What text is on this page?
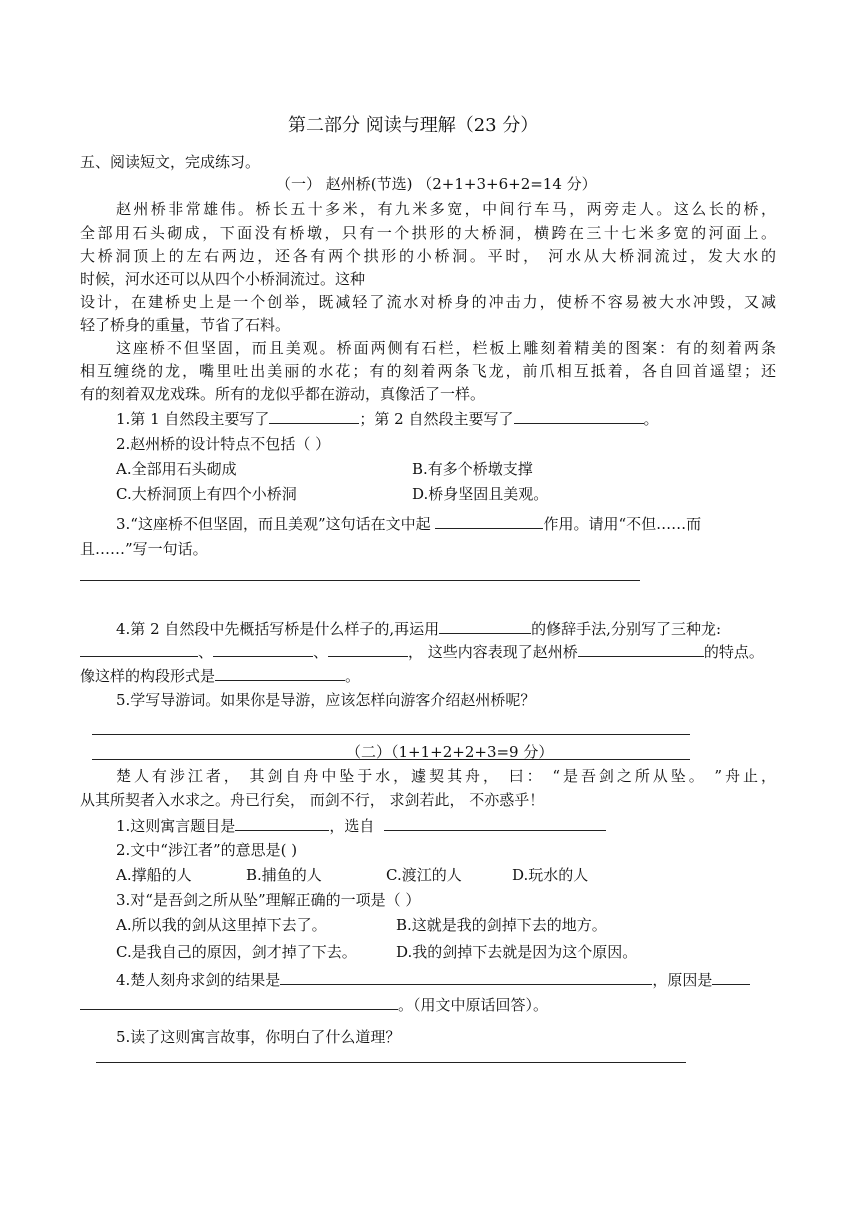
第二部分 阅读与理解（23 分）
五、阅读短文，完成练习。
（一） 赵州桥(节选) （2+1+3+6+2=14 分）
赵州桥非常雄伟。桥长五十多米，有九米多宽，中间行车马，两旁走人。这么长的桥，
全部用石头砌成，下面没有桥墩，只有一个拱形的大桥洞，横跨在三十七米多宽的河面上。
大桥洞顶上的左右两边，还各有两个拱形的小桥洞。平时， 河水从大桥洞流过，发大水的
时候，河水还可以从四个小桥洞流过。这种
设计，在建桥史上是一个创举，既减轻了流水对桥身的冲击力，使桥不容易被大水冲毁，又减
轻了桥身的重量，节省了石料。
这座桥不但坚固，而且美观。桥面两侧有石栏，栏板上雕刻着精美的图案：有的刻着两条
相互缠绕的龙，嘴里吐出美丽的水花；有的刻着两条飞龙，前爪相互抵着，各自回首遥望；还
有的刻着双龙戏珠。所有的龙似乎都在游动，真像活了一样。
1.第 1 自然段主要写了	；第 2 自然段主要写了	。
2.赵州桥的设计特点不包括（ ）
A.全部用石头砌成	B.有多个桥墩支撑
C.大桥洞顶上有四个小桥洞	D.桥身坚固且美观。
3.“这座桥不但坚固，而且美观”这句话在文中起	作用。请用“不但……而
且……”写一句话。
4.第 2 自然段中先概括写桥是什么样子的,再运用	的修辞手法,分别写了三种龙:
、	、	， 这些内容表现了赵州桥	的特点。
像这样的构段形式是	。
5.学写导游词。如果你是导游，应该怎样向游客介绍赵州桥呢？
（二）（1+1+2+2+3=9 分）
楚人有涉江者， 其剑自舟中坠于水，遽契其舟， 曰： “是吾剑之所从坠。 ”舟止，
从其所契者入水求之。舟已行矣， 而剑不行， 求剑若此， 不亦惑乎！
1.这则寓言题目是	，选自
2.文中“涉江者”的意思是( )
A.撑船的人	B.捕鱼的人	C.渡江的人	D.玩水的人
3.对“是吾剑之所从坠”理解正确的一项是（ ）
A.所以我的剑从这里掉下去了。	B.这就是我的剑掉下去的地方。
C.是我自己的原因，剑才掉了下去。	D.我的剑掉下去就是因为这个原因。
4.楚人刻舟求剑的结果是	，原因是
。（用文中原话回答）。
5.读了这则寓言故事，你明白了什么道理？
